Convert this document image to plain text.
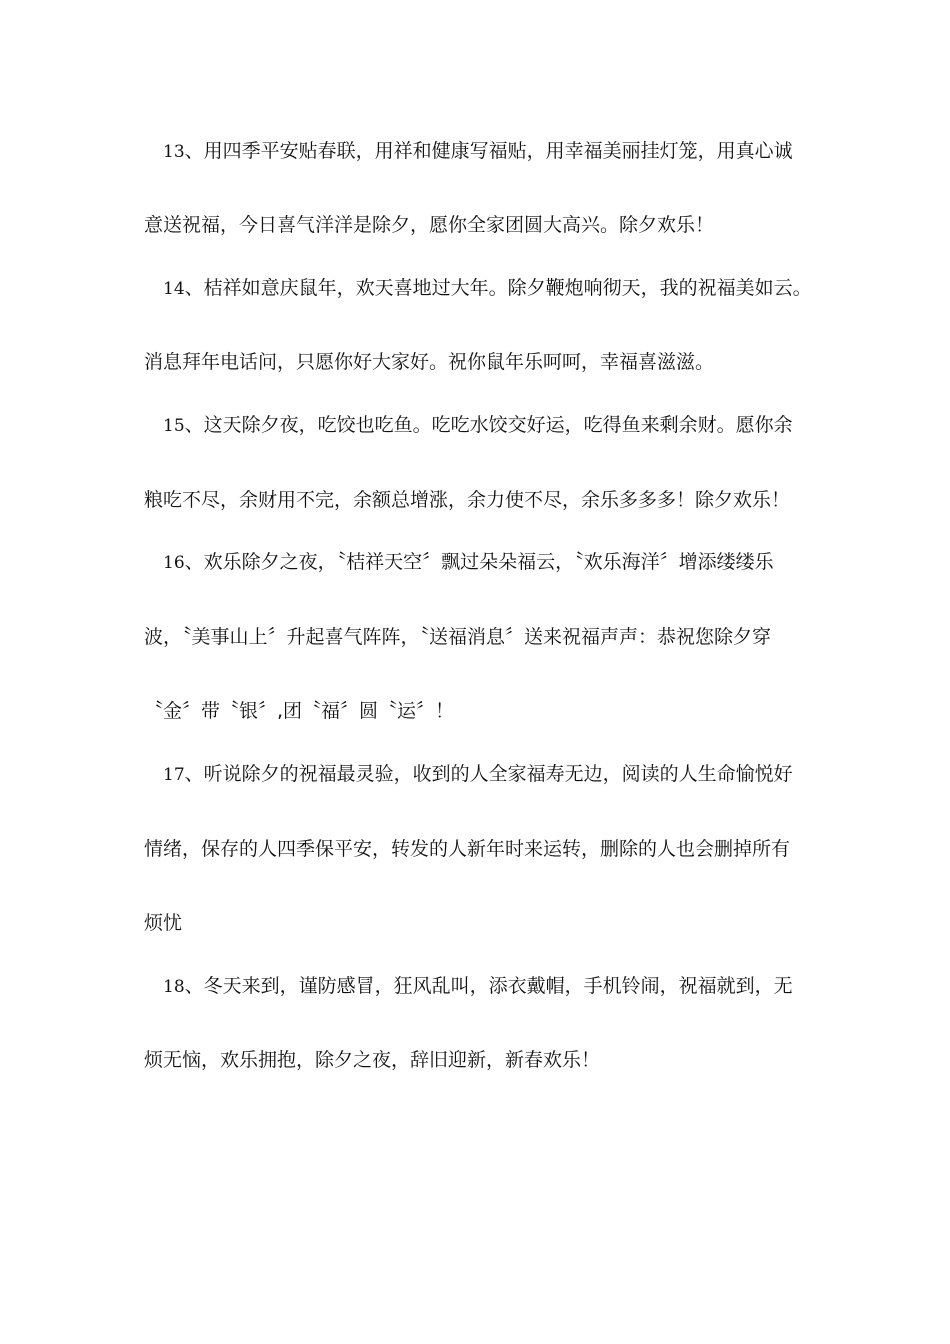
13、用四季平安贴春联，用祥和健康写福贴，用幸福美丽挂灯笼，用真心诚
意送祝福，今日喜气洋洋是除夕，愿你全家团圆大高兴。除夕欢乐！
14、桔祥如意庆鼠年，欢天喜地过大年。除夕鞭炮响彻天，我的祝福美如云。
消息拜年电话问，只愿你好大家好。祝你鼠年乐呵呵，幸福喜滋滋。
15、这天除夕夜，吃饺也吃鱼。吃吃水饺交好运，吃得鱼来剩余财。愿你余
粮吃不尽，余财用不完，余额总增涨，余力使不尽，余乐多多多！除夕欢乐！
16、欢乐除夕之夜，〝桔祥天空〞飘过朵朵福云，〝欢乐海洋〞增添缕缕乐
波，〝美事山上〞升起喜气阵阵，〝送福消息〞送来祝福声声：恭祝您除夕穿
〝金〞带〝银〞,团〝福〞圆〝运〞！
17、听说除夕的祝福最灵验，收到的人全家福寿无边，阅读的人生命愉悦好
情绪，保存的人四季保平安，转发的人新年时来运转，删除的人也会删掉所有
烦忧
18、冬天来到，谨防感冒，狂风乱叫，添衣戴帽，手机铃闹，祝福就到，无
烦无恼，欢乐拥抱，除夕之夜，辞旧迎新，新春欢乐！
